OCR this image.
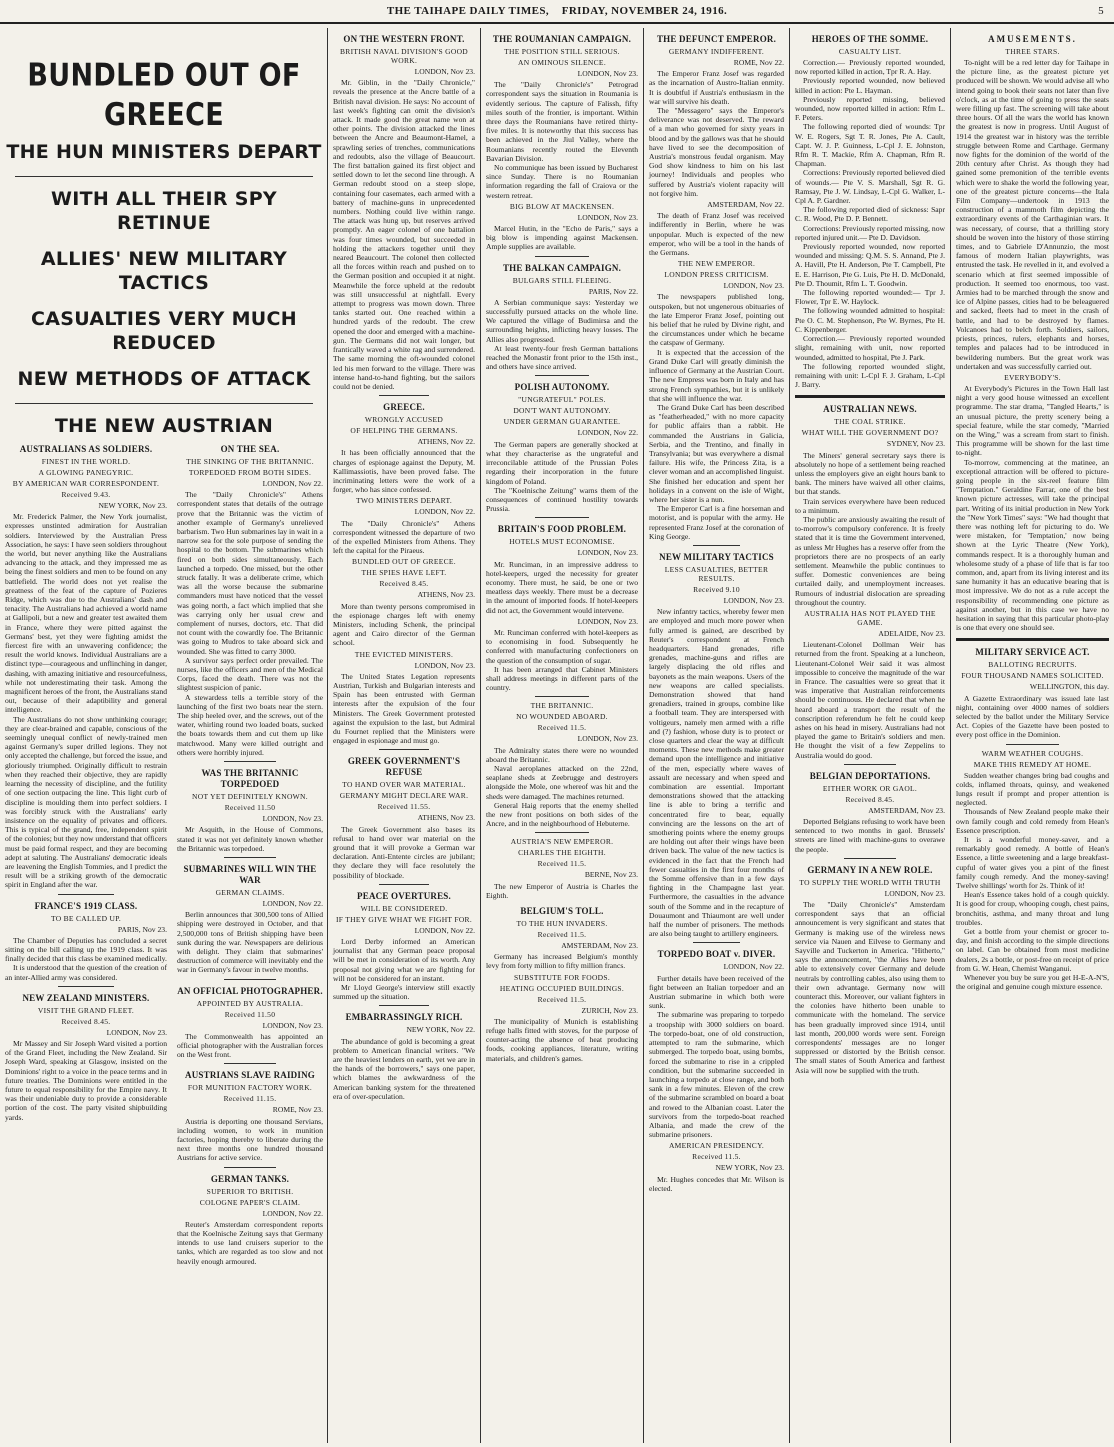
THE TAIHAPE DAILY TIMES, FRIDAY, NOVEMBER 24, 1916.	5
BUNDLED OUT OF GREECE
THE HUN MINISTERS DEPART
WITH ALL THEIR SPY RETINUE
ALLIES' NEW MILITARY TACTICS
CASUALTIES VERY MUCH REDUCED
NEW METHODS OF ATTACK
THE NEW AUSTRIAN
AUSTRALIANS AS SOLDIERS.
FINEST IN THE WORLD.
A GLOWING PANEGYRIC.
BY AMERICAN WAR CORRESPONDENT.
Received 9.43.
NEW YORK, Nov 23.

Mr. Frederick Palmer, the New York journalist, expresses unstinted admiration for Australian soldiers. Interviewed by the Australian Press Association, he says: I have seen soldiers throughout the world, but never anything like the Australians advancing to the attack, and they impressed me as being the finest soldiers and men to be found on any battlefield. The world does not yet realise the greatness of the feat of the capture of Pozieres Ridge, which was due to the Australians' dash and tenacity. The Australians had achieved a world name at Gallipoli, but a new and greater test awaited them in France, where they were pitted against the Germans' best, yet they were fighting amidst the fiercest fire with an unwavering confidence; the result the world knows. Individual Australians are a distinct type—courageous and unflinching in danger, dashing, with amazing initiative and resourcefulness, while not underestimating their task. Among the magnificent heroes of the front, the Australians stand out, because of their adaptibility and general intelligence.

The Australians do not show unthinking courage; they are clear-brained and capable, conscious of the seemingly unequal conflict of newly-trained men against Germany's super drilled legions. They not only accepted the challenge, but forced the issue, and gloriously triumphed. Originally difficult to restrain when they reached their objective, they are rapidly learning the necessity of discipline, and the futility of one section outpacing the line. This light curb of discipline is moulding them into perfect soldiers. I was forcibly struck with the Australians' early insistence on the equality of privates and officers. This is typical of the grand, free, independent spirit of the colonies; but they now understand that officers must be paid formal respect, and they are becoming adept at saluting. The Australians' democratic ideals are leavening the English Tommies, and I predict the result will be a striking growth of the democratic spirit in England after the war.

FRANCE'S 1919 CLASS.
TO BE CALLED UP.
PARIS, Nov 23.

The Chamber of Deputies has concluded a secret sitting on the bill calling up the 1919 class. It was finally decided that this class be examined medically.

It is understood that the question of the creation of an inter-Allied army was considered.

NEW ZEALAND MINISTERS.
VISIT THE GRAND FLEET.
Received 8.45.
LONDON, Nov 23.

Mr Massey and Sir Joseph Ward visited a portion of the Grand Fleet, including the New Zealand. Sir Joseph Ward, speaking at Glasgow, insisted on the Dominions' right to a voice in the peace terms and in future treaties. The Dominions were entitled in the future to equal responsibility for the Empire navy. It was their undeniable duty to provide a considerable portion of the cost. The party visited shipbuilding yards.

ON THE SEA.
THE SINKING OF THE BRITANNIC.
TORPEDOED FROM BOTH SIDES.
LONDON, Nov 22.

The "Daily Chronicle's" Athens correspondent states that details of the outrage prove that the Britannic was the victim of another example of Germany's unrelieved barbarism. Two Hun submarines lay in wait in a narrow sea for the sole purpose of sending the hospital to the bottom. The submarines which fired on both sides simultaneously. Each launched a torpedo. One missed, but the other struck fatally. It was a deliberate crime, which was all the worse because the submarine commanders must have noticed that the vessel was going north, a fact which implied that she was carrying only her usual crew and complement of nurses, doctors, etc. That did not count with the cowardly foe. The Britannic was going to Mudros to take aboard sick and wounded. She was fitted to carry 3000.

A survivor says perfect order prevailed. The nurses, like the officers and men of the Medical Corps, faced the death. There was not the slightest suspicion of panic.

A stewardess tells a terrible story of the launching of the first two boats near the stern. The ship heeled over, and the screws, out of the water, whirling round two loaded boats, sucked the boats towards them and cut them up like matchwood. Many were killed outright and others were horribly injured.

WAS THE BRITANNIC TORPEDOED
NOT YET DEFINITELY KNOWN.
Received 11.50
LONDON, Nov 23.

Mr Asquith, in the House of Commons, stated it was not yet definitely known whether the Britannic was torpedoed.

SUBMARINES WILL WIN THE WAR
GERMAN CLAIMS.
LONDON, Nov 22.

Berlin announces that 300,500 tons of Allied shipping were destroyed in October, and that 2,500,000 tons of British shipping have been sunk during the war. Newspapers are delirious with delight. They claim that submarines' destruction of commerce will inevitably end the war in Germany's favour in twelve months.

AN OFFICIAL PHOTOGRAPHER.
APPOINTED BY AUSTRALIA.
Received 11.50
LONDON, Nov 23.

The Commonwealth has appointed an official photographer with the Australian forces on the West front.

AUSTRIANS SLAVE RAIDING
FOR MUNITION FACTORY WORK.
Received 11.15.
ROME, Nov 23.

Austria is deporting one thousand Servians, including women, to work in munition factories, hoping thereby to liberate during the next three months one hundred thousand Austrians for active service.

GERMAN TANKS.
SUPERIOR TO BRITISH.
COLOGNE PAPER'S CLAIM.
LONDON, Nov 22.

Reuter's Amsterdam correspondent reports that the Koelnische Zeitung says that Germany intends to use land cruisers superior to the tanks, which are regarded as too slow and not heavily enough armoured.

ON THE WESTERN FRONT.
BRITISH NAVAL DIVISION'S GOOD WORK.
LONDON, Nov 23.

Mr. Giblin, in the "Daily Chronicle," reveals the presence at the Ancre battle of a British naval division. He says: No account of last week's fighting can omit the division's attack. It made good the great name won at other points. The division attacked the lines between the Ancre and Beaumont-Hamel, a sprawling series of trenches, communications and redoubts, also the village of Beaucourt. The first battalion gained its first object and settled down to let the second line through. A German redoubt stood on a steep slope, containing four casemates, each armed with a battery of machine-guns in unprecedented numbers. Nothing could live within range. The attack was hung up, but reserves arrived promptly. An eager colonel of one battalion was four times wounded, but succeeded in holding the attackers together until they neared Beaucourt. The colonel then collected all the forces within reach and pushed on to the German position and occupied it at night. Meanwhile the force upheld at the redoubt was still unsuccessful at nightfall. Every attempt to progress was mown down. Three tanks started out. One reached within a hundred yards of the redoubt. The crew opened the door and emerged with a machine-gun. The Germans did not wait longer, but frantically waved a white rag and surrendered. The same morning the oft-wounded colonel led his men forward to the village. There was intense hand-to-hand fighting, but the sailors could not be denied.

GREECE.
WRONGLY ACCUSED
OF HELPING THE GERMANS.
ATHENS, Nov 22.

It has been officially announced that the charges of espionage against the Deputy, M. Kallimassiotis, have been proved false. The incriminating letters were the work of a forger, who has since confessed.

TWO MINISTERS DEPART.
LONDON, Nov 22.

The "Daily Chronicle's" Athens correspondent witnessed the departure of two of the expelled Ministers from Athens. They left the capital for the Piraeus.

BUNDLED OUT OF GREECE.
THE SPIES HAVE LEFT.
Received 8.45.
ATHENS, Nov 23.

More than twenty persons compromised in the espionage charges left with enemy Ministers, including Schenk, the principal agent and Cairo director of the German school.

THE EVICTED MINISTERS.
LONDON, Nov 23.

The United States Legation represents Austrian, Turkish and Bulgarian interests and Spain has been entrusted with German interests after the expulsion of the four Ministers. The Greek Government protested against the expulsion to the last, but Admiral du Fournet replied that the Ministers were engaged in espionage and must go.

GREEK GOVERNMENT'S REFUSE
TO HAND OVER WAR MATERIAL.
GERMANY MIGHT DECLARE WAR.
Received 11.55.
ATHENS, Nov 23.

The Greek Government also bases its refusal to hand over war material on the ground that it will provoke a German war declaration. Anti-Entente circles are jubilant; they declare they will face resolutely the possibility of blockade.

PEACE OVERTURES.
WILL BE CONSIDERED.
IF THEY GIVE WHAT WE FIGHT FOR.
LONDON, Nov 22.

Lord Derby informed an American journalist that any German peace proposal will be met in consideration of its worth. Any proposal not giving what we are fighting for will not be considered for an instant.

Mr Lloyd George's interview still exactly summed up the situation.

EMBARRASSINGLY RICH.
NEW YORK, Nov 22.

The abundance of gold is becoming a great problem to American financial writers. "We are the heaviest lenders on earth, yet we are in the hands of the borrowers," says one paper, which blames the awkwardness of the American banking system for the threatened era of over-speculation.

THE ROUMANIAN CAMPAIGN.
THE POSITION STILL SERIOUS.
AN OMINOUS SILENCE.
LONDON, Nov 23.

The "Daily Chronicle's" Petrograd correspondent says the situation in Roumania is evidently serious. The capture of Falissh, fifty miles south of the frontier, is important. Within three days the Roumanians have retired thirty-five miles. It is noteworthy that this success has been achieved in the Jiul Valley, where the Roumanians recently routed the Eleventh Bavarian Division.

No communique has been issued by Bucharest since Sunday. There is no Roumanian information regarding the fall of Craiova or the western retreat.

BIG BLOW AT MACKENSEN.
LONDON, Nov 23.

Marcel Hutin, in the "Echo de Paris," says a big blow is impending against Mackensen. Ample supplies are available.

THE BALKAN CAMPAIGN.
BULGARS STILL FLEEING.
PARIS, Nov 22.

A Serbian communique says: Yesterday we successfully pursued attacks on the whole line. We captured the village of Budimirsa and the surrounding heights, inflicting heavy losses. The Allies also progressed.

At least twenty-four fresh German battalions reached the Monastir front prior to the 15th inst., and others have since arrived.

POLISH AUTONOMY.
"UNGRATEFUL" POLES.
DON'T WANT AUTONOMY.
UNDER GERMAN GUARANTEE.
LONDON, Nov 22.

The German papers are generally shocked at what they characterise as the ungrateful and irreconcilable attitude of the Prussian Poles regarding their incorporation in the future kingdom of Poland.

The "Koelnische Zeitung" warns them of the consequences of continued hostility towards Prussia.

BRITAIN'S FOOD PROBLEM.
HOTELS MUST ECONOMISE.
LONDON, Nov 23.

Mr. Runciman, in an impressive address to hotel-keepers, urged the necessity for greater economy. There must, he said, be one or two meatless days weekly. There must be a decrease in the amount of imported foods. If hotel-keepers did not act, the Government would intervene.

LONDON, Nov 23.

Mr. Runciman conferred with hotel-keepers as to economising in food. Subsequently he conferred with manufacturing confectioners on the question of the consumption of sugar.

It has been arranged that Cabinet Ministers shall address meetings in different parts of the country.

THE BRITANNIC.
NO WOUNDED ABOARD.
Received 11.5.
LONDON, Nov 23.

The Admiralty states there were no wounded aboard the Britannic.

Naval aeroplanes attacked on the 22nd, seaplane sheds at Zeebrugge and destroyers alongside the Mole, one whereof was hit and the sheds were damaged. The machines returned.

General Haig reports that the enemy shelled the new front positions on both sides of the Ancre, and in the neighbourhood of Hebuterne.

AUSTRIA'S NEW EMPEROR.
CHARLES THE EIGHTH.
Received 11.5.
BERNE, Nov 23.

The new Emperor of Austria is Charles the Eighth.

BELGIUM'S TOLL.
TO THE HUN INVADERS.
Received 11.5.
AMSTERDAM, Nov 23.

Germany has increased Belgium's monthly levy from forty million to fifty million francs.

SUBSTITUTE FOR FOODS.
HEATING OCCUPIED BUILDINGS.
Received 11.5.
ZURICH, Nov 23.

The municipality of Munich is establishing refuge halls fitted with stoves, for the purpose of counter-acting the absence of heat producing foods, cooking appliances, literature, writing materials, and children's games.

THE DEFUNCT EMPEROR.
GERMANY INDIFFERENT.
ROME, Nov 22.

The Emperor Franz Josef was regarded as the incarnation of Austro-Italian enmity. It is doubtful if Austria's enthusiasm in the war will survive his death.

The "Messagero" says the Emperor's deliverance was not deserved. The reward of a man who governed for sixty years in blood and by the gallows was that he should have lived to see the decomposition of Austria's monstrous feudal organism. May God show kindness to him on his last journey! Individuals and peoples who suffered by Austria's violent rapacity will not forgive him.

AMSTERDAM, Nov 22.

The death of Franz Josef was received indifferently in Berlin, where he was unpopular. Much is expected of the new emperor, who will be a tool in the hands of the Germans.

THE NEW EMPEROR.
LONDON PRESS CRITICISM.
LONDON, Nov 23.

The newspapers published long, outspoken, but not ungenerous obituaries of the late Emperor Franz Josef, pointing out his belief that he ruled by Divine right, and the circumstances under which he became the catspaw of Germany.

It is expected that the accession of the Grand Duke Carl will greatly diminish the influence of Germany at the Austrian Court. The new Empress was born in Italy and has strong French sympathies, but it is unlikely that she will influence the war.

The Grand Duke Carl has been described as "featherheaded," with no more capacity for public affairs than a rabbit. He commanded the Austrians in Galicia, Serbia, and the Trentino, and finally in Transylvania; but was everywhere a dismal failure. His wife, the Princess Zita, is a clever woman and an accomplished linguist. She finished her education and spent her holidays in a convent on the isle of Wight, where her sister is a nun.

The Emperor Carl is a fine horseman and motorist, and is popular with the army. He represented Franz Josef at the coronation of King George.

NEW MILITARY TACTICS
LESS CASUALTIES, BETTER RESULTS.
Received 9.10
LONDON, Nov 23.

New infantry tactics, whereby fewer men are employed and much more power when fully armed is gained, are described by Reuter's correspondent at French headquarters. Hand grenades, rifle grenades, machine-guns and rifles are largely displacing the old rifles and bayonets as the main weapons. Users of the new weapons are called specialists. Demonstration showed that hand grenadiers, trained in groups, combine like a football team. They are interspersed with voltigeurs, namely men armed with a rifle and (?) fashion, whose duty is to protect or close quarters and clear the way at difficult moments. These new methods make greater demand upon the intelligence and initiative of the men, especially where waves of assault are necessary and when speed and combination are essential. Important demonstrations showed that the attacking line is able to bring a terrific and concentrated fire to bear, equally convincing are the lessons on the art of smothering points where the enemy groups are holding out after their wings have been driven back. The value of the new tactics is evidenced in the fact that the French had fewer casualties in the first four months of the Somme offensive than in a few days fighting in the Champagne last year. Furthermore, the casualties in the advance south of the Somme and in the recapture of Douaumont and Thiaumont are well under half the number of prisoners. The methods are also being taught to artillery engineers.

TORPEDO BOAT v. DIVER.
LONDON, Nov 22.

Further details have been received of the fight between an Italian torpedoer and an Austrian submarine in which both were sunk.

The submarine was preparing to torpedo a troopship with 3000 soldiers on board. The torpedo-boat, one of old construction, attempted to ram the submarine, which submerged. The torpedo boat, using bombs, forced the submarine to rise in a crippled condition, but the submarine succeeded in launching a torpedo at close range, and both sank in a few minutes. Eleven of the crew of the submarine scrambled on board a boat and rowed to the Albanian coast. Later the survivors from the torpedo-boat reached Albania, and made the crew of the submarine prisoners.

AMERICAN PRESIDENCY.
Received 11.5.
NEW YORK, Nov 23.

Mr. Hughes concedes that Mr. Wilson is elected.

HEROES OF THE SOMME.
CASUALTY LIST.

Correction.— Previously reported wounded, now reported killed in action, Tpr R. A. Hay.

Previously reported wounded, now believed killed in action: Pte L. Hayman.

Previously reported missing, believed wounded, now reported killed in action: Rfm L. F. Peters.

The following reported died of wounds: Tpr W. E. Rogers, Sgt T. R. Jones, Pte A. Cault, Capt. W. J. P. Guinness, L-Cpl J. E. Johnston, Rfm R. T. Mackie, Rfm A. Chapman, Rfm R. Chapman.

Corrections: Previously reported believed died of wounds.— Pte V. S. Marshall, Sgt R. G. Ramsay, Pte J. W. Lindsay, L-Cpl G. Walker, L-Cpl A. P. Gardner.

The following reported died of sickness: Sapr C. R. Wood, Pte D. P. Bennett.

Corrections: Previously reported missing, now reported injured unit.— Pte D. Davidson.

Previously reported wounded, now reported wounded and missing: Q.M. S. S. Annand, Pte J. A. Havill, Pte H. Anderson, Pte T. Campbell, Pte E. E. Harrison, Pte G. Luis, Pte H. D. McDonald, Pte D. Thoumit, Rfm L. T. Goodwin.

The following reported wounded:— Tpr J. Flower, Tpr E. W. Haylock.

The following wounded admitted to hospital: Pte O. C. M. Stephenson, Pte W. Byrnes, Pte H. C. Kippenberger.

Correction.— Previously reported wounded slight, remaining with unit, now reported wounded, admitted to hospital, Pte J. Park.

The following reported wounded slight, remaining with unit: L-Cpl F. J. Graham, L-Cpl J. Barry.

AUSTRALIAN NEWS.
THE COAL STRIKE.
WHAT WILL THE GOVERNMENT DO?
SYDNEY, Nov 23.

The Miners' general secretary says there is absolutely no hope of a settlement being reached unless the employers give an eight hours bank to bank. The miners have waived all other claims, but that stands.

Train services everywhere have been reduced to a minimum.

The public are anxiously awaiting the result of to-morrow's compulsory conference. It is freely stated that it is time the Government intervened, as unless Mr Hughes has a reserve offer from the proprietors there are no prospects of an early settlement. Meanwhile the public continues to suffer. Domestic conveniences are being curtailed daily, and unemployment increases. Rumours of industrial dislocation are spreading throughout the country.

AUSTRALIA HAS NOT PLAYED THE GAME.
ADELAIDE, Nov 23.

Lieutenant-Colonel Dollman Weir has returned from the front. Speaking at a luncheon, Lieutenant-Colonel Weir said it was almost impossible to conceive the magnitude of the war in France. The casualties were so great that it was imperative that Australian reinforcements should be continuous. He declared that when he heard aboard a transport the result of the conscription referendum he felt he could keep ashes on his head in misery. Australians had not played the game to Britain's soldiers and men. He thought the visit of a few Zeppelins to Australia would do good.

BELGIAN DEPORTATIONS.
EITHER WORK OR GAOL.
Received 8.45.
AMSTERDAM, Nov 23.

Deported Belgians refusing to work have been sentenced to two months in gaol. Brussels' streets are lined with machine-guns to overawe the people.

GERMANY IN A NEW ROLE.
TO SUPPLY THE WORLD WITH TRUTH
LONDON, Nov 23.

The "Daily Chronicle's" Amsterdam correspondent says that an official announcement is very significant and states that Germany is making use of the wireless news service via Nauen and Eilvese to Germany and Sayville and Tuckerton in America. "Hitherto," says the announcement, "the Allies have been able to extensively cover Germany and delude neutrals by controlling cables, also using them to their own advantage. Germany now will counteract this. Moreover, our valiant fighters in the colonies have hitherto been unable to communicate with the homeland. The service has been gradually improved since 1914, until last month, 200,000 words were sent. Foreign correspondents' messages are no longer suppressed or distorted by the British censor. The small states of South America and farthest Asia will now be supplied with the truth.

AMUSEMENTS.
THREE STARS.

To-night will be a red letter day for Taihape in the picture line, as the greatest picture yet produced will be shown. We would advise all who intend going to book their seats not later than five o'clock, as at the time of going to press the seats were filling up fast. The screening will take about three hours. Of all the wars the world has known the greatest is now in progress. Until August of 1914 the greatest war in history was the terrible struggle between Rome and Carthage. Germany now fights for the dominion of the world of the 20th century after Christ. As though they had gained some premonition of the terrible events which were to shake the world the following year, one of the greatest picture concerns—the Itala Film Company—undertook in 1913 the construction of a mammoth film depicting the extraordinary events of the Carthaginian wars. It was necessary, of course, that a thrilling story should be woven into the history of those stirring times, and to Gabriele D'Annunzio, the most famous of modern Italian playwrights, was entrusted the task. He revelled in it, and evolved a scenario which at first seemed impossible of production. It seemed too enormous, too vast. Armies had to be marched through the snow and ice of Alpine passes, cities had to be beleaguered and sacked, fleets had to meet in the crash of battle, and had to be destroyed by flames. Volcanoes had to belch forth. Soldiers, sailors, priests, princes, rulers, elephants and horses, temples and palaces had to be introduced in bewildering numbers. But the great work was undertaken and was successfully carried out.

EVERYBODY'S.

At Everybody's Pictures in the Town Hall last night a very good house witnessed an excellent programme. The star drama, "Tangled Hearts," is an unusual picture, the pretty scenery being a special feature, while the star comedy, "Married on the Wing," was a scream from start to finish. This programme will be shown for the last time to-night.

To-morrow, commencing at the matinee, an exceptional attraction will be offered to picture-going people in the six-reel feature film "Temptation." Geraldine Farrar, one of the best known picture actresses, will take the principal part. Writing of its initial production in New York the "New York Times" says: "We had thought that there was nothing left for picturing to do. We were mistaken, for 'Temptation,' now being shown at the Lyric Theatre (New York), commands respect. It is a thoroughly human and wholesome study of a phase of life that is far too common, and, apart from its living interest and its sane humanity it has an educative bearing that is most impressive. We do not as a rule accept the responsibility of recommending one picture as against another, but in this case we have no hesitation in saying that this particular photo-play is one that every one should see.

MILITARY SERVICE ACT.
BALLOTING RECRUITS.
FOUR THOUSAND NAMES SOLICITED.
WELLINGTON, this day.

A Gazette Extraordinary was issued late last night, containing over 4000 names of soldiers selected by the ballot under the Military Service Act. Copies of the Gazette have been posted to every post office in the Dominion.

WARM WEATHER COUGHS.
MAKE THIS REMEDY AT HOME.

Sudden weather changes bring bad coughs and colds, inflamed throats, quinsy, and weakened lungs result if prompt and proper attention is neglected.

Thousands of New Zealand people make their own family cough and cold remedy from Hean's Essence prescription.

It is a wonderful money-saver, and a remarkably good remedy. A bottle of Hean's Essence, a little sweetening and a large breakfast-cupful of water gives you a pint of the finest family cough remedy. And the money-saving! Twelve shillings' worth for 2s. Think of it!

Hean's Essence takes hold of a cough quickly. It is good for croup, whooping cough, chest pains, bronchitis, asthma, and many throat and lung troubles.

Get a bottle from your chemist or grocer to-day, and finish according to the simple directions on label. Can be obtained from most medicine dealers, 2s a bottle, or post-free on receipt of price from G. W. Hean, Chemist Wanganui.

Whenever you buy be sure you get H-E-A-N'S, the original and genuine cough mixture essence.
